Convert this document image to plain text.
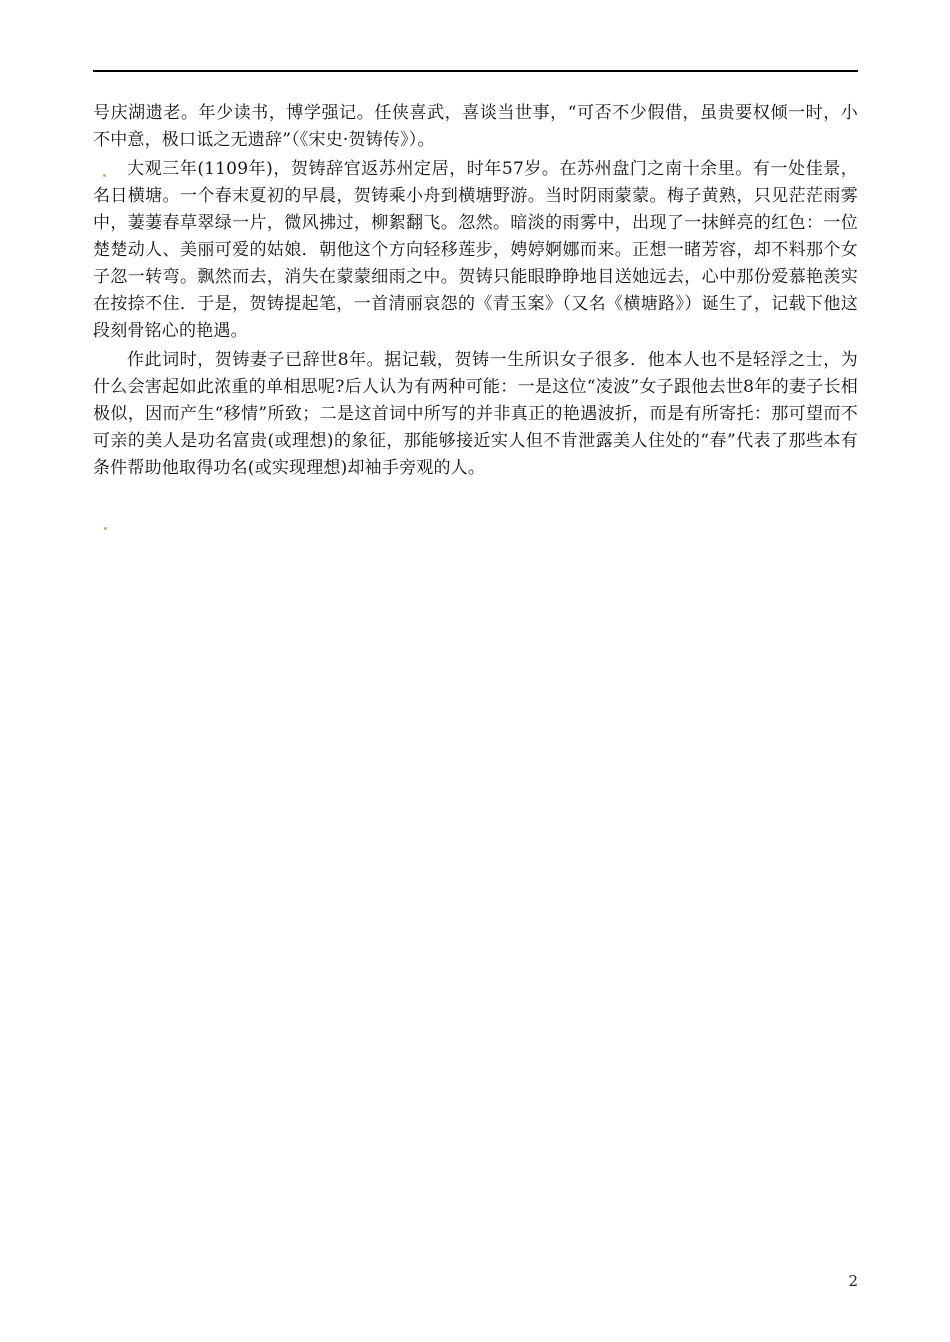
号庆湖遗老。年少读书，博学强记。任侠喜武，喜谈当世事，“可否不少假借，虽贵要权倾一时，小不中意，极口诋之无遗辞”（《宋史·贺铸传》）。

大观三年(1109年)，贺铸辞官返苏州定居，时年57岁。在苏州盘门之南十余里。有一处佳景，名日横塘。一个春末夏初的早晨，贺铸乘小舟到横塘野游。当时阴雨蒙蒙。梅子黄熟，只见茫茫雨雾中，萋萋春草翠绿一片，微风拂过，柳絮翻飞。忽然。暗淡的雨雾中，出现了一抹鲜亮的红色：一位楚楚动人、美丽可爱的姑娘．朝他这个方向轻移莲步，娉婷婀娜而来。正想一睹芳容，却不料那个女子忽一转弯。飘然而去，消失在蒙蒙细雨之中。贺铸只能眼睁睁地目送她远去，心中那份爱慕艳羡实在按捺不住．于是，贺铸提起笔，一首清丽哀怨的《青玉案》（又名《横塘路》）诞生了，记载下他这段刻骨铭心的艳遇。

作此词时，贺铸妻子已辞世8年。据记载，贺铸一生所识女子很多．他本人也不是轻浮之士，为什么会害起如此浓重的单相思呢?后人认为有两种可能：一是这位“凌波”女子跟他去世8年的妻子长相极似，因而产生“移情”所致；二是这首词中所写的并非真正的艳遇波折，而是有所寄托：那可望而不可亲的美人是功名富贵(或理想)的象征，那能够接近实人但不肯泄露美人住处的“春”代表了那些本有条件帮助他取得功名(或实现理想)却袖手旁观的人。

2
